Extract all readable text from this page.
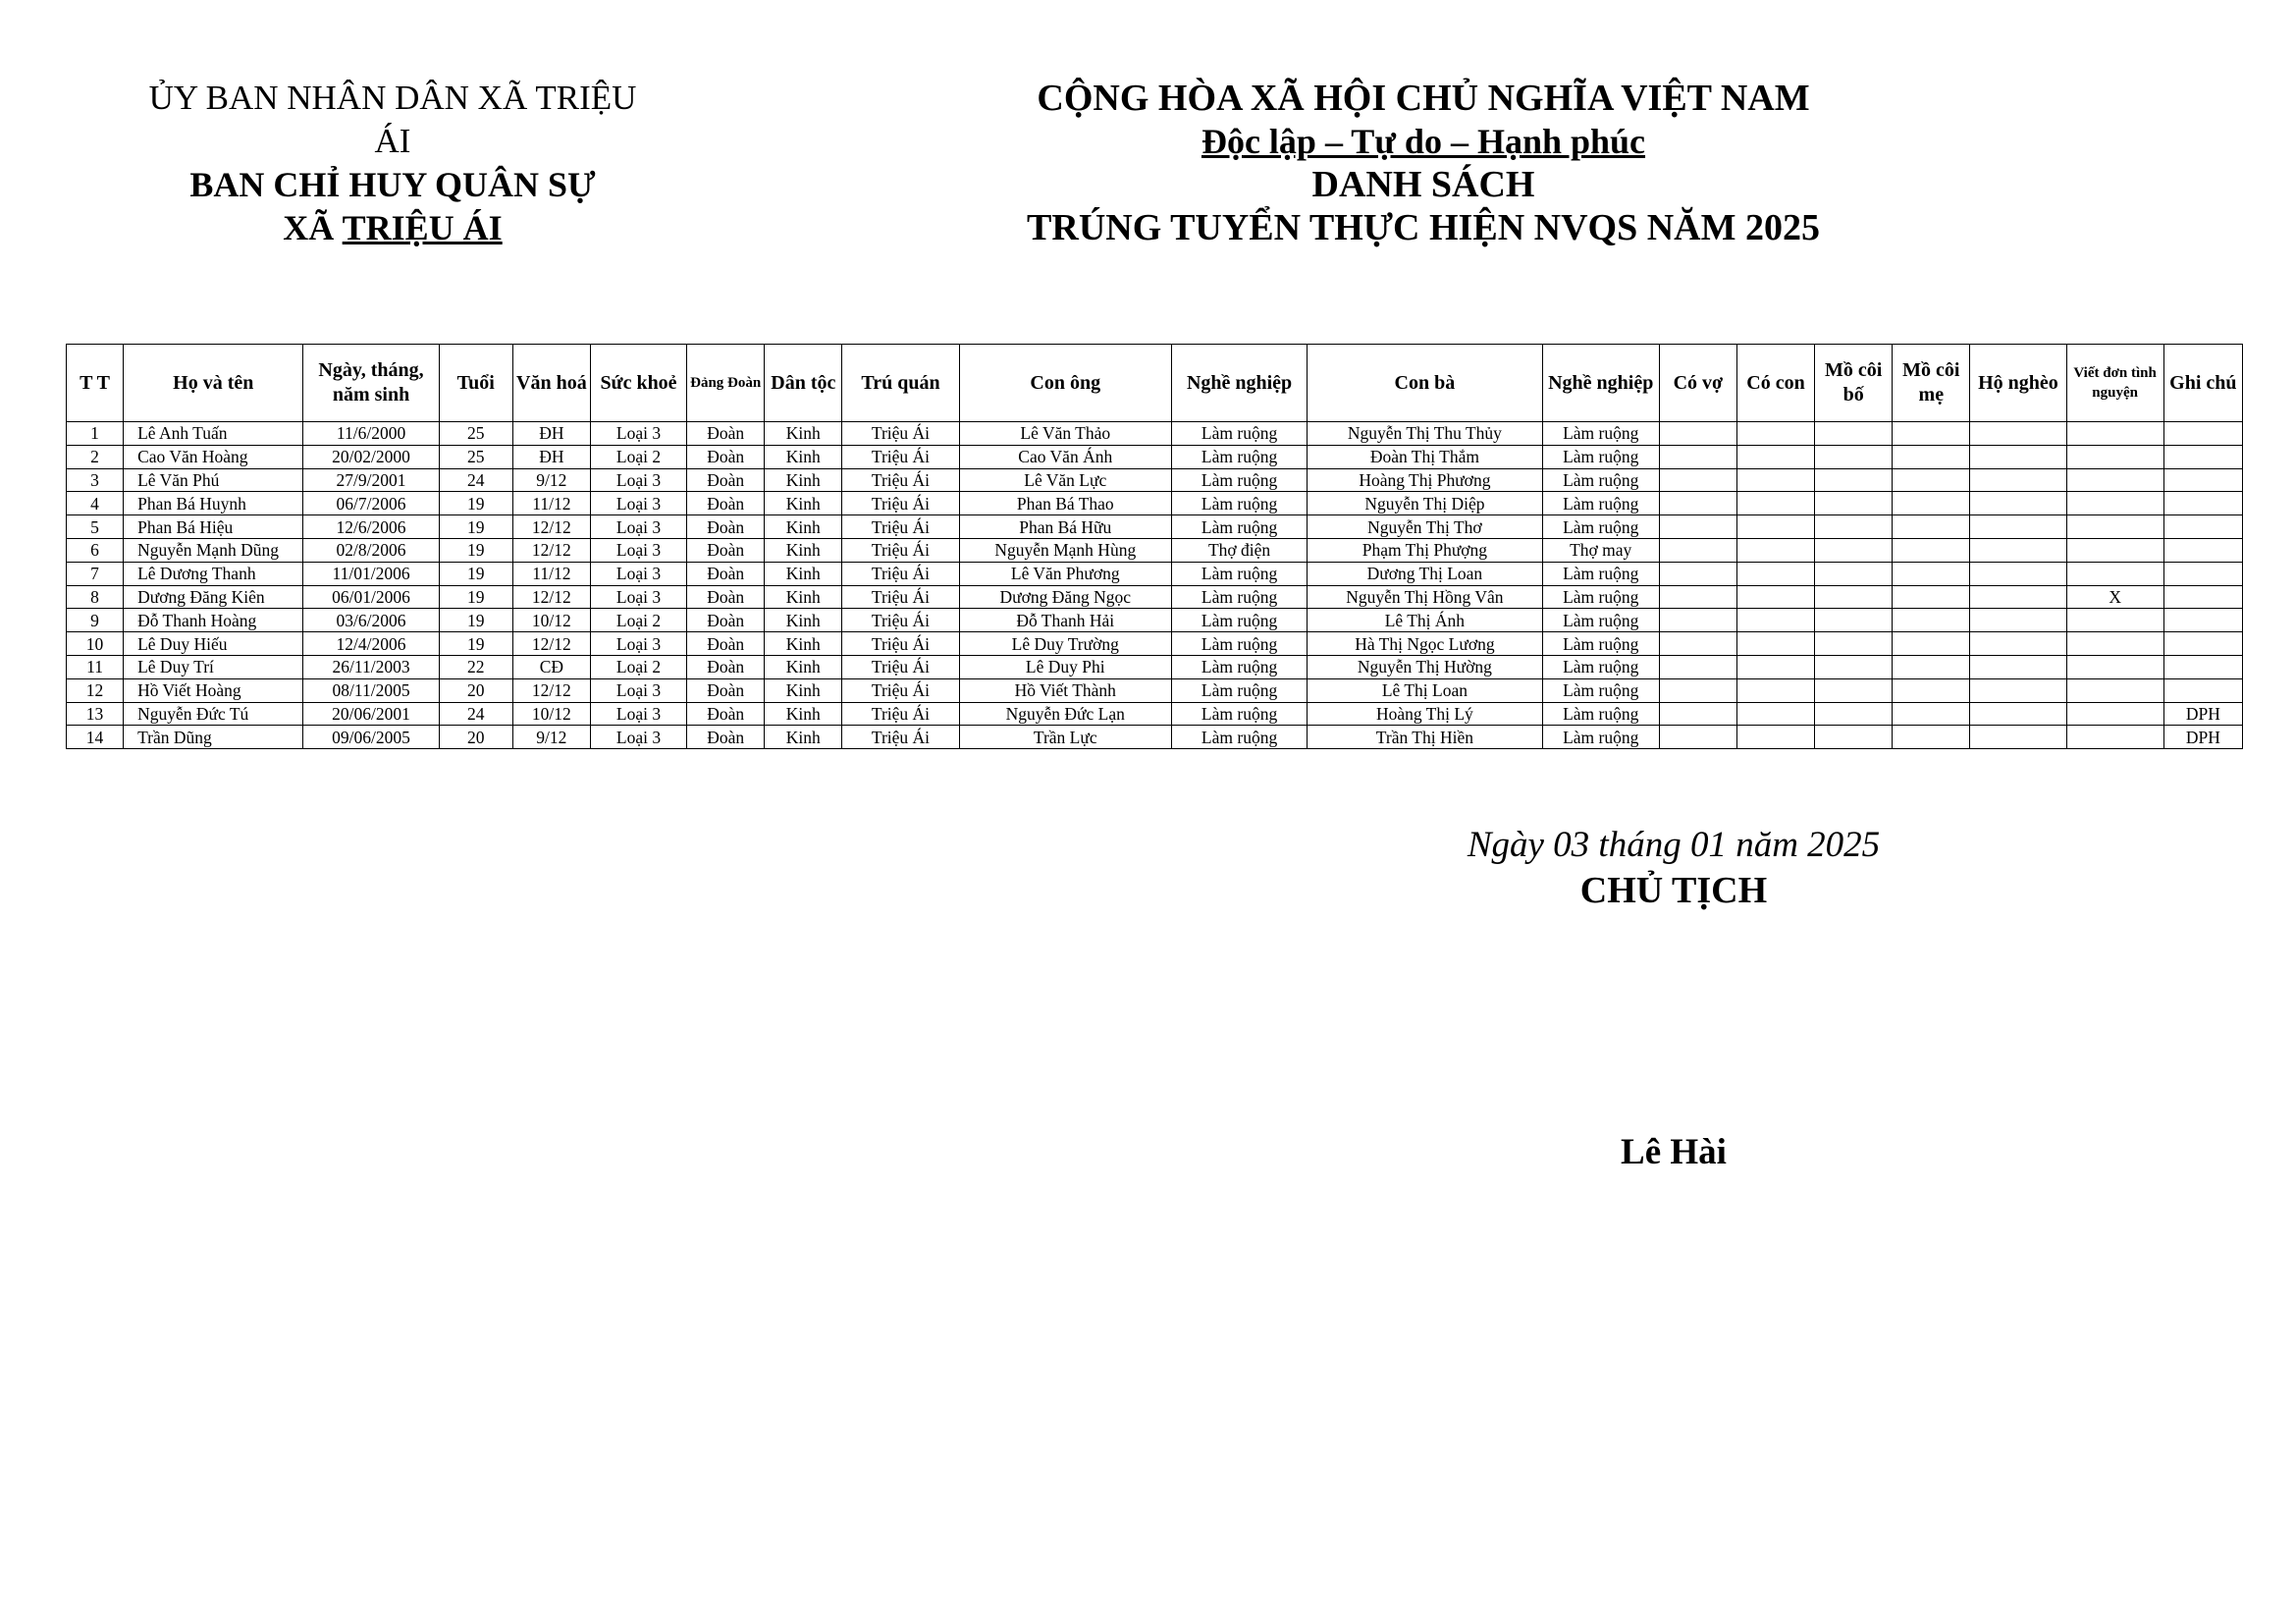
ỦY BAN NHÂN DÂN XÃ TRIỆU ÁI
BAN CHỈ HUY QUÂN SỰ
XÃ TRIỆU ÁI
CỘNG HÒA XÃ HỘI CHỦ NGHĨA VIỆT NAM
Độc lập – Tự do – Hạnh phúc
DANH SÁCH
TRÚNG TUYỂN THỰC HIỆN NVQS NĂM 2025
T T	Họ và tên	Ngày, tháng, năm sinh	Tuổi	Văn hoá	Sức khoẻ	Đảng Đoàn	Dân tộc	Trú quán	Con ông	Nghề nghiệp	Con bà	Nghề nghiệp	Có vợ	Có con	Mồ côi bố	Mồ côi mẹ	Hộ nghèo	Viết đơn tình nguyện	Ghi chú
1	Lê Anh Tuấn	11/6/2000	25	ĐH	Loại 3	Đoàn	Kinh	Triệu Ái	Lê Văn Thảo	Làm ruộng	Nguyễn Thị Thu Thủy	Làm ruộng							
2	Cao Văn Hoàng	20/02/2000	25	ĐH	Loại 2	Đoàn	Kinh	Triệu Ái	Cao Văn Ánh	Làm ruộng	Đoàn Thị Thắm	Làm ruộng							
3	Lê Văn Phú	27/9/2001	24	9/12	Loại 3	Đoàn	Kinh	Triệu Ái	Lê Văn Lực	Làm ruộng	Hoàng Thị Phương	Làm ruộng							
4	Phan Bá Huynh	06/7/2006	19	11/12	Loại 3	Đoàn	Kinh	Triệu Ái	Phan Bá Thao	Làm ruộng	Nguyễn Thị Diệp	Làm ruộng							
5	Phan Bá Hiệu	12/6/2006	19	12/12	Loại 3	Đoàn	Kinh	Triệu Ái	Phan Bá Hữu	Làm ruộng	Nguyễn Thị Thơ	Làm ruộng							
6	Nguyễn Mạnh Dũng	02/8/2006	19	12/12	Loại 3	Đoàn	Kinh	Triệu Ái	Nguyễn Mạnh Hùng	Thợ điện	Phạm Thị Phượng	Thợ may							
7	Lê Dương Thanh	11/01/2006	19	11/12	Loại 3	Đoàn	Kinh	Triệu Ái	Lê Văn Phương	Làm ruộng	Dương Thị Loan	Làm ruộng							
8	Dương Đăng Kiên	06/01/2006	19	12/12	Loại 3	Đoàn	Kinh	Triệu Ái	Dương Đăng Ngọc	Làm ruộng	Nguyễn Thị Hồng Vân	Làm ruộng						X	
9	Đỗ Thanh Hoàng	03/6/2006	19	10/12	Loại 2	Đoàn	Kinh	Triệu Ái	Đỗ Thanh Hải	Làm ruộng	Lê Thị Ánh	Làm ruộng							
10	Lê Duy Hiếu	12/4/2006	19	12/12	Loại 3	Đoàn	Kinh	Triệu Ái	Lê Duy Trường	Làm ruộng	Hà Thị Ngọc Lương	Làm ruộng							
11	Lê Duy Trí	26/11/2003	22	CĐ	Loại 2	Đoàn	Kinh	Triệu Ái	Lê Duy Phi	Làm ruộng	Nguyễn Thị Hường	Làm ruộng							
12	Hồ Viết Hoàng	08/11/2005	20	12/12	Loại 3	Đoàn	Kinh	Triệu Ái	Hồ Viết Thành	Làm ruộng	Lê Thị Loan	Làm ruộng							
13	Nguyễn Đức Tú	20/06/2001	24	10/12	Loại 3	Đoàn	Kinh	Triệu Ái	Nguyễn Đức Lạn	Làm ruộng	Hoàng Thị Lý	Làm ruộng							DPH
14	Trần Dũng	09/06/2005	20	9/12	Loại 3	Đoàn	Kinh	Triệu Ái	Trần Lực	Làm ruộng	Trần Thị Hiền	Làm ruộng							DPH
Ngày 03 tháng 01 năm 2025
CHỦ TỊCH
Lê Hài
